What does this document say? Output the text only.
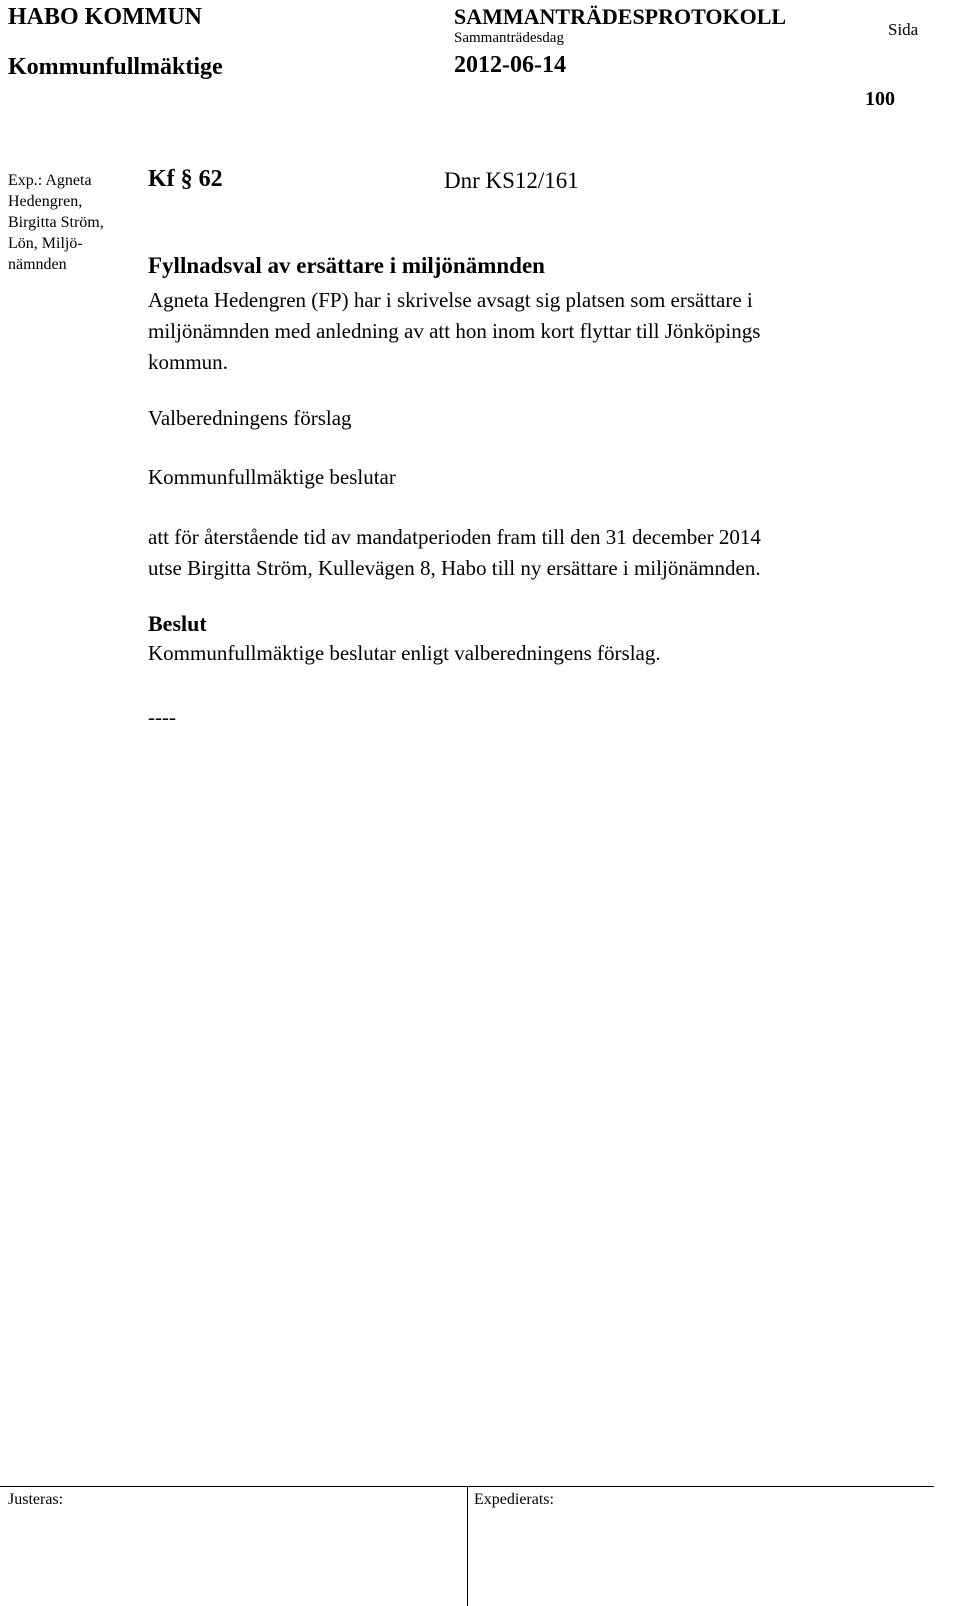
HABO KOMMUN	SAMMANTRÄDESPROTOKOLL
Sida
Kommunfullmäktige
Sammanträdesdag
2012-06-14
100
Exp.: Agneta
Hedengren,
Birgitta Ström,
Lön, Miljö-
nämnden
Kf § 62	Dnr KS12/161
Fyllnadsval av ersättare i miljönämnden
Agneta Hedengren (FP) har i skrivelse avsagt sig platsen som ersättare i
miljönämnden med anledning av att hon inom kort flyttar till Jönköpings
kommun.
Valberedningens förslag
Kommunfullmäktige beslutar
att för återstående tid av mandatperioden fram till den 31 december 2014
utse Birgitta Ström, Kullevägen 8, Habo till ny ersättare i miljönämnden.
Beslut
Kommunfullmäktige beslutar enligt valberedningens förslag.
----
Justeras:	Expedierats:
